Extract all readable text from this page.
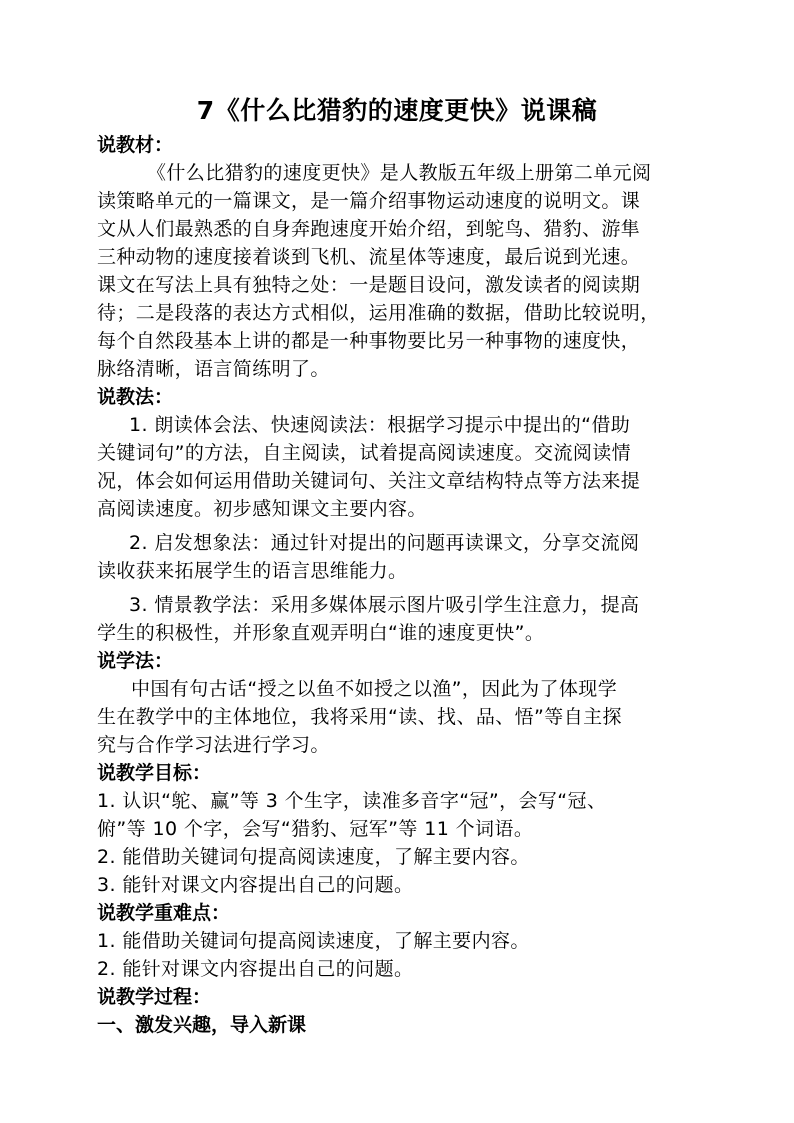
7《什么比猎豹的速度更快》说课稿
说教材：
《什么比猎豹的速度更快》是人教版五年级上册第二单元阅
读策略单元的一篇课文，是一篇介绍事物运动速度的说明文。课
文从人们最熟悉的自身奔跑速度开始介绍，到鸵鸟、猎豹、游隼
三种动物的速度接着谈到飞机、流星体等速度，最后说到光速。
课文在写法上具有独特之处：一是题目设问，激发读者的阅读期
待；二是段落的表达方式相似，运用准确的数据，借助比较说明，
每个自然段基本上讲的都是一种事物要比另一种事物的速度快，
脉络清晰，语言简练明了。
说教法：
1. 朗读体会法、快速阅读法：根据学习提示中提出的“借助
关键词句”的方法，自主阅读，试着提高阅读速度。交流阅读情
况，体会如何运用借助关键词句、关注文章结构特点等方法来提
高阅读速度。初步感知课文主要内容。
2. 启发想象法：通过针对提出的问题再读课文，分享交流阅
读收获来拓展学生的语言思维能力。
3. 情景教学法：采用多媒体展示图片吸引学生注意力，提高
学生的积极性，并形象直观弄明白“谁的速度更快”。
说学法：
中国有句古话“授之以鱼不如授之以渔”，因此为了体现学
生在教学中的主体地位，我将采用“读、找、品、悟”等自主探
究与合作学习法进行学习。
说教学目标：
1. 认识“鸵、赢”等 3 个生字，读准多音字“冠”，会写“冠、
俯”等 10 个字，会写“猎豹、冠军”等 11 个词语。
2. 能借助关键词句提高阅读速度，了解主要内容。
3. 能针对课文内容提出自己的问题。
说教学重难点：
1. 能借助关键词句提高阅读速度，了解主要内容。
2. 能针对课文内容提出自己的问题。
说教学过程：
一、激发兴趣，导入新课
